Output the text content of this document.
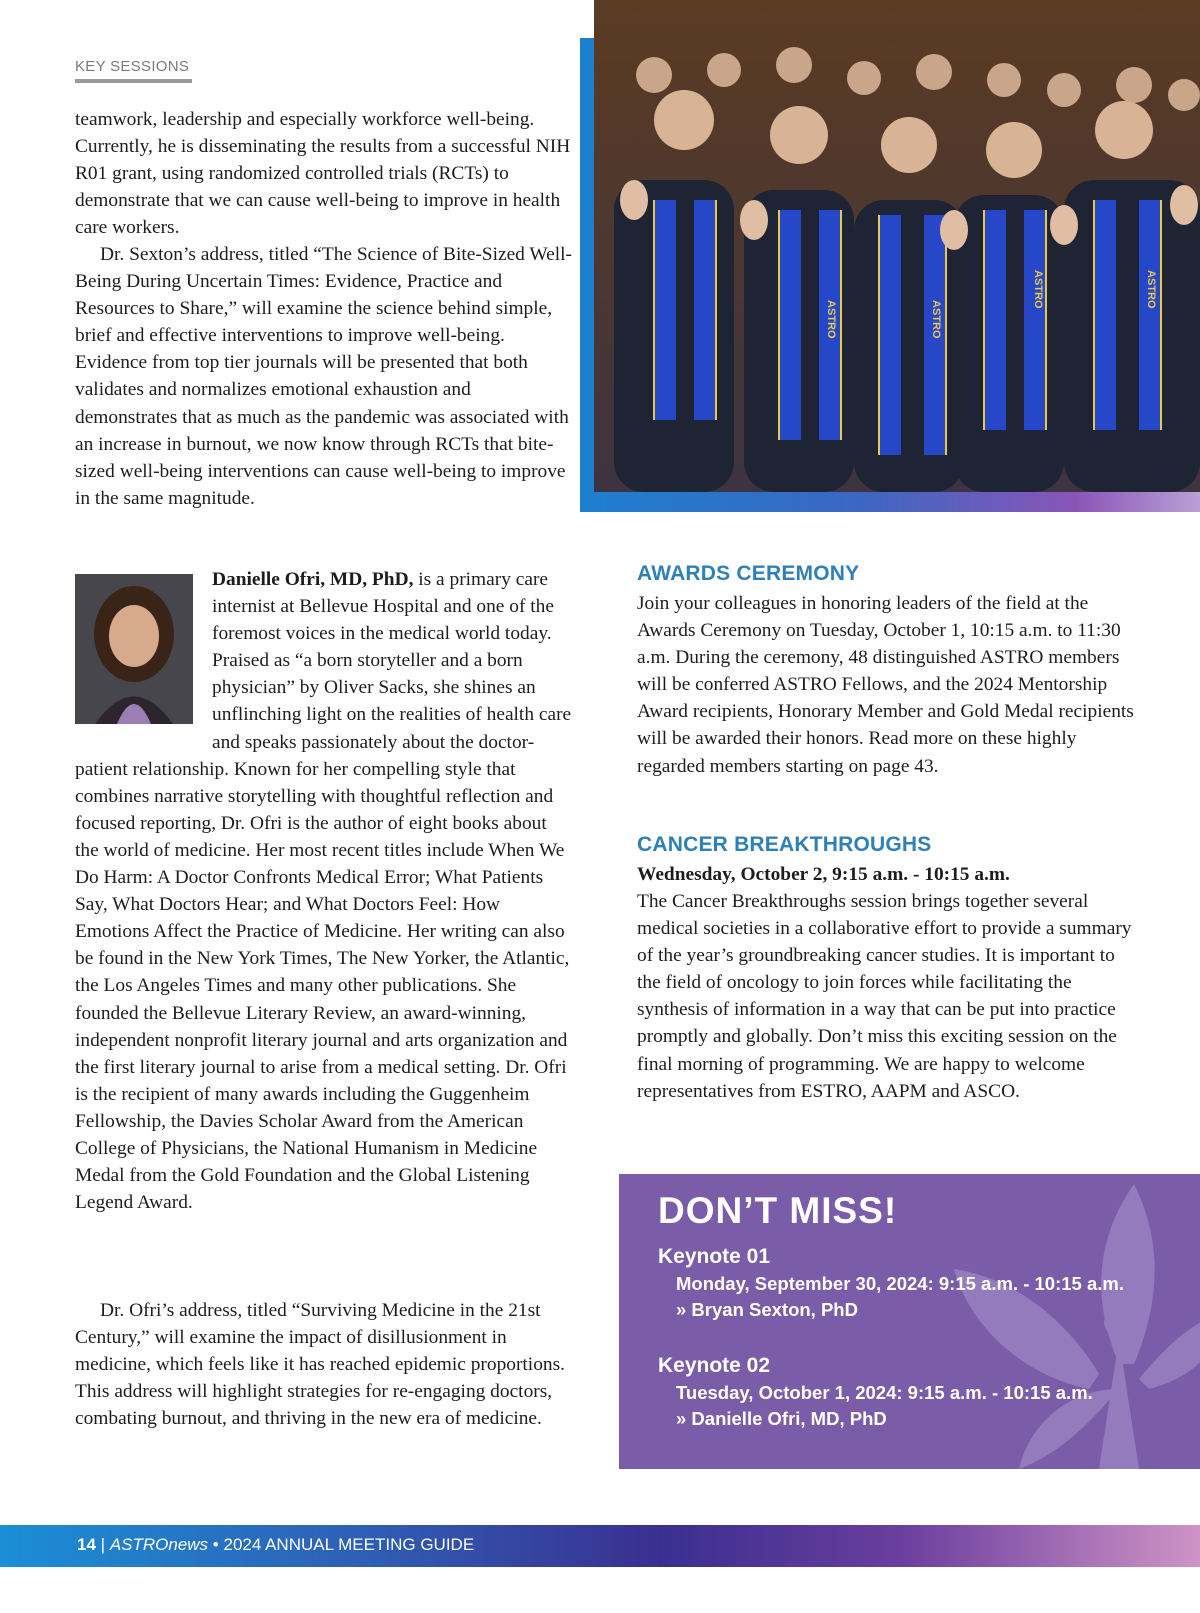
KEY SESSIONS
ASTRO	ASTRO
ASTRO	ASTRO

teamwork, leadership and especially workforce well-being. Currently, he is disseminating the results from a successful NIH R01 grant, using randomized controlled trials (RCTs) to demonstrate that we can cause well-being to improve in health care workers.

Dr. Sexton’s address, titled “The Science of Bite-Sized Well-Being During Uncertain Times: Evidence, Practice and Resources to Share,” will examine the science behind simple, brief and effective interventions to improve well-being. Evidence from top tier journals will be presented that both validates and normalizes emotional exhaustion and demonstrates that as much as the pandemic was associated with an increase in burnout, we now know through RCTs that bite-sized well-being interventions can cause well-being to improve in the same magnitude.

Danielle Ofri, MD, PhD, is a primary care internist at Bellevue Hospital and one of the foremost voices in the medical world today. Praised as “a born storyteller and a born physician” by Oliver Sacks, she shines an unflinching light on the realities of health care and speaks passionately about the doctor-patient relationship. Known for her compelling style that combines narrative storytelling with thoughtful reflection and focused reporting, Dr. Ofri is the author of eight books about the world of medicine. Her most recent titles include When We Do Harm: A Doctor Confronts Medical Error; What Patients Say, What Doctors Hear; and What Doctors Feel: How Emotions Affect the Practice of Medicine. Her writing can also be found in the New York Times, The New Yorker, the Atlantic, the Los Angeles Times and many other publications. She founded the Bellevue Literary Review, an award-winning, independent nonprofit literary journal and arts organization and the first literary journal to arise from a medical setting. Dr. Ofri is the recipient of many awards including the Guggenheim Fellowship, the Davies Scholar Award from the American College of Physicians, the National Humanism in Medicine Medal from the Gold Foundation and the Global Listening Legend Award.

Dr. Ofri’s address, titled “Surviving Medicine in the 21st Century,” will examine the impact of disillusionment in medicine, which feels like it has reached epidemic proportions. This address will highlight strategies for re-engaging doctors, combating burnout, and thriving in the new era of medicine.

AWARDS CEREMONY

Join your colleagues in honoring leaders of the field at the Awards Ceremony on Tuesday, October 1, 10:15 a.m. to 11:30 a.m. During the ceremony, 48 distinguished ASTRO members will be conferred ASTRO Fellows, and the 2024 Mentorship Award recipients, Honorary Member and Gold Medal recipients will be awarded their honors. Read more on these highly regarded members starting on page 43.

CANCER BREAKTHROUGHS

Wednesday, October 2, 9:15 a.m. - 10:15 a.m.

The Cancer Breakthroughs session brings together several medical societies in a collaborative effort to provide a summary of the year’s groundbreaking cancer studies. It is important to the field of oncology to join forces while facilitating the synthesis of information in a way that can be put into practice promptly and globally. Don’t miss this exciting session on the final morning of programming. We are happy to welcome representatives from ESTRO, AAPM and ASCO.

DON’T MISS!
Keynote 01
Monday, September 30, 2024: 9:15 a.m. - 10:15 a.m.
» Bryan Sexton, PhD
Keynote 02
Tuesday, October 1, 2024: 9:15 a.m. - 10:15 a.m.
» Danielle Ofri, MD, PhD
14 | ASTROnews • 2024 ANNUAL MEETING GUIDE
